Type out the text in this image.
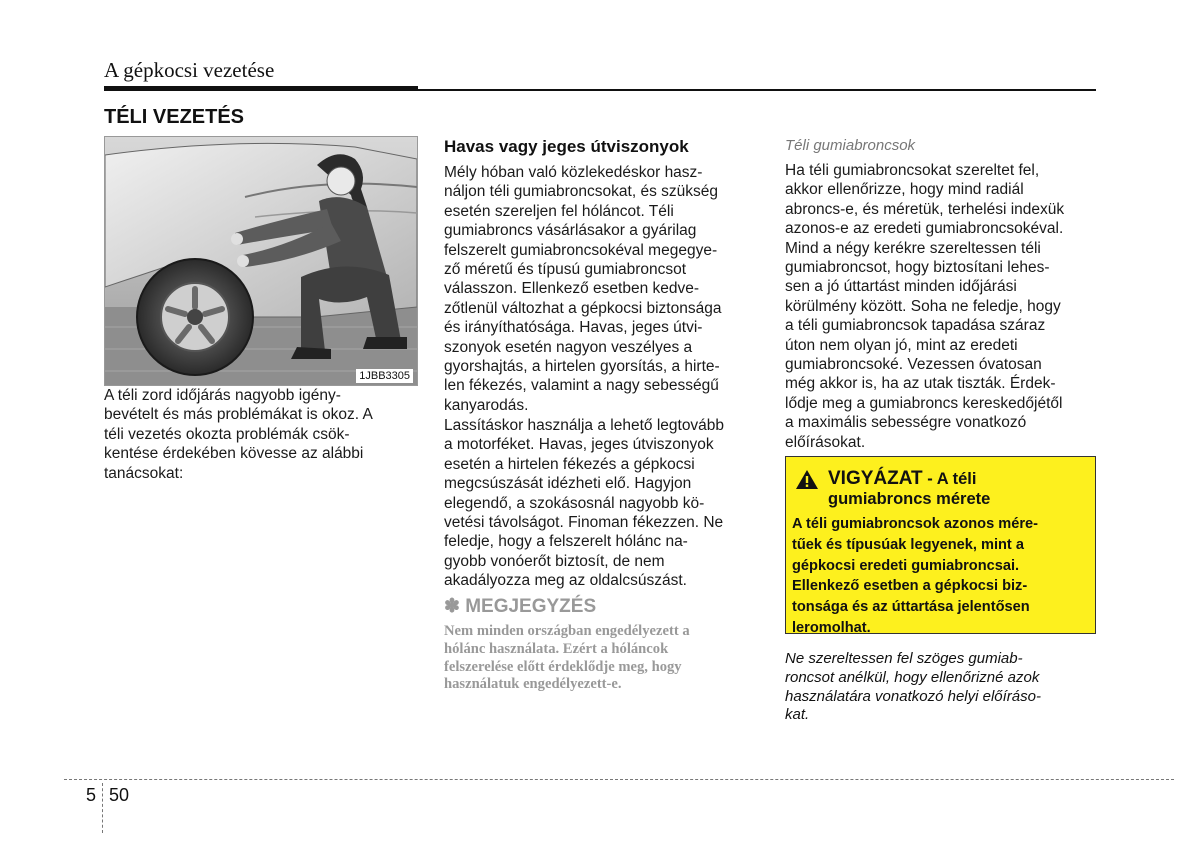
A gépkocsi vezetése
TÉLI VEZETÉS
1JBB3305
A téli zord időjárás nagyobb igény-
bevételt és más problémákat is okoz. A
téli vezetés okozta problémák csök-
kentése érdekében kövesse az alábbi
tanácsokat:
Havas vagy jeges útviszonyok
Mély hóban való közlekedéskor hasz-
náljon téli gumiabroncsokat, és szükség
esetén szereljen fel hóláncot. Téli
gumiabroncs vásárlásakor a gyárilag
felszerelt gumiabroncsokéval megegye-
ző méretű és típusú gumiabroncsot
válasszon. Ellenkező esetben kedve-
zőtlenül változhat a gépkocsi biztonsága
és irányíthatósága. Havas, jeges útvi-
szonyok esetén nagyon veszélyes a
gyorshajtás, a hirtelen gyorsítás, a hirte-
len fékezés, valamint a nagy sebességű
kanyarodás.
Lassításkor használja a lehető legtovább
a motorféket. Havas, jeges útviszonyok
esetén a hirtelen fékezés a gépkocsi
megcsúszását idézheti elő. Hagyjon
elegendő, a szokásosnál nagyobb kö-
vetési távolságot. Finoman fékezzen. Ne
feledje, hogy a felszerelt hólánc na-
gyobb vonóerőt biztosít, de nem
akadályozza meg az oldalcsúszást.
✽ MEGJEGYZÉS
Nem minden országban engedélyezett a
hólánc használata. Ezért a hóláncok
felszerelése előtt érdeklődje meg, hogy
használatuk engedélyezett-e.
Téli gumiabroncsok
Ha téli gumiabroncsokat szereltet fel,
akkor ellenőrizze, hogy mind radiál
abroncs-e, és méretük, terhelési indexük
azonos-e az eredeti gumiabroncsokéval.
Mind a négy kerékre szereltessen téli
gumiabroncsot, hogy biztosítani lehes-
sen a jó úttartást minden időjárási
körülmény között. Soha ne feledje, hogy
a téli gumiabroncsok tapadása száraz
úton nem olyan jó, mint az eredeti
gumiabroncsoké. Vezessen óvatosan
még akkor is, ha az utak tiszták. Érdek-
lődje meg a gumiabroncs kereskedőjétől
a maximális sebességre vonatkozó
előírásokat.
VIGYÁZAT - A téli
gumiabroncs mérete
A téli gumiabroncsok azonos mére-
tűek és típusúak legyenek, mint a
gépkocsi eredeti gumiabroncsai.
Ellenkező esetben a gépkocsi biz-
tonsága és az úttartása jelentősen
leromolhat.
Ne szereltessen fel szöges gumiab-
roncsot anélkül, hogy ellenőrizné azok
használatára vonatkozó helyi előíráso-
kat.
5 50
